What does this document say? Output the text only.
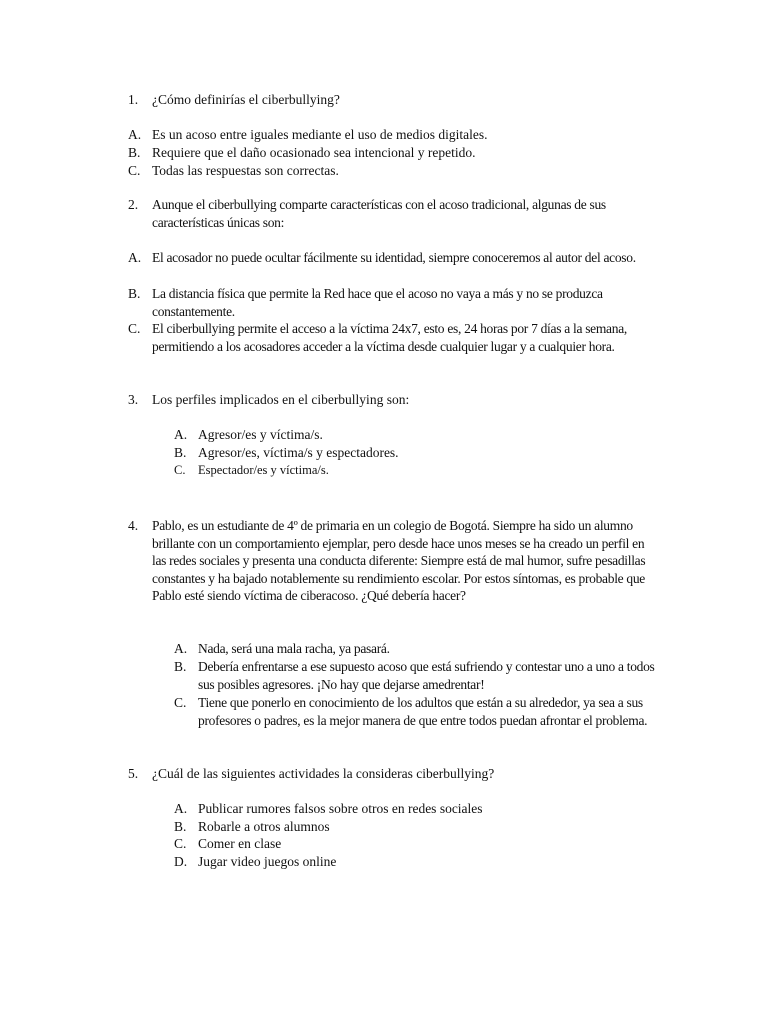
1.	¿Cómo definirías el ciberbullying?
A. Es un acoso entre iguales mediante el uso de medios digitales.
B. Requiere que el daño ocasionado sea intencional y repetido.
C. Todas las respuestas son correctas.
2.	Aunque el ciberbullying comparte características con el acoso tradicional, algunas de sus características únicas son:
A. El acosador no puede ocultar fácilmente su identidad, siempre conoceremos al autor del acoso.
B. La distancia física que permite la Red hace que el acoso no vaya a más y no se produzca constantemente.
C. El ciberbullying permite el acceso a la víctima 24x7, esto es, 24 horas por 7 días a la semana, permitiendo a los acosadores acceder a la víctima desde cualquier lugar y a cualquier hora.
3.	Los perfiles implicados en el ciberbullying son:
A. Agresor/es y víctima/s.
B. Agresor/es, víctima/s y espectadores.
C.	Espectador/es y víctima/s.
4.	Pablo, es un estudiante de 4º de primaria en un colegio de Bogotá. Siempre ha sido un alumno brillante con un comportamiento ejemplar, pero desde hace unos meses se ha creado un perfil en las redes sociales y presenta una conducta diferente: Siempre está de mal humor, sufre pesadillas constantes y ha bajado notablemente su rendimiento escolar. Por estos síntomas, es probable que Pablo esté siendo víctima de ciberacoso. ¿Qué debería hacer?
A. Nada, será una mala racha, ya pasará.
B. Debería enfrentarse a ese supuesto acoso que está sufriendo y contestar uno a uno a todos sus posibles agresores. ¡No hay que dejarse amedrentar!
C. Tiene que ponerlo en conocimiento de los adultos que están a su alrededor, ya sea a sus profesores o padres, es la mejor manera de que entre todos puedan afrontar el problema.
5.	¿Cuál de las siguientes actividades la consideras ciberbullying?
A. Publicar rumores falsos sobre otros en redes sociales
B. Robarle a otros alumnos
C. Comer en clase
D. Jugar video juegos online
